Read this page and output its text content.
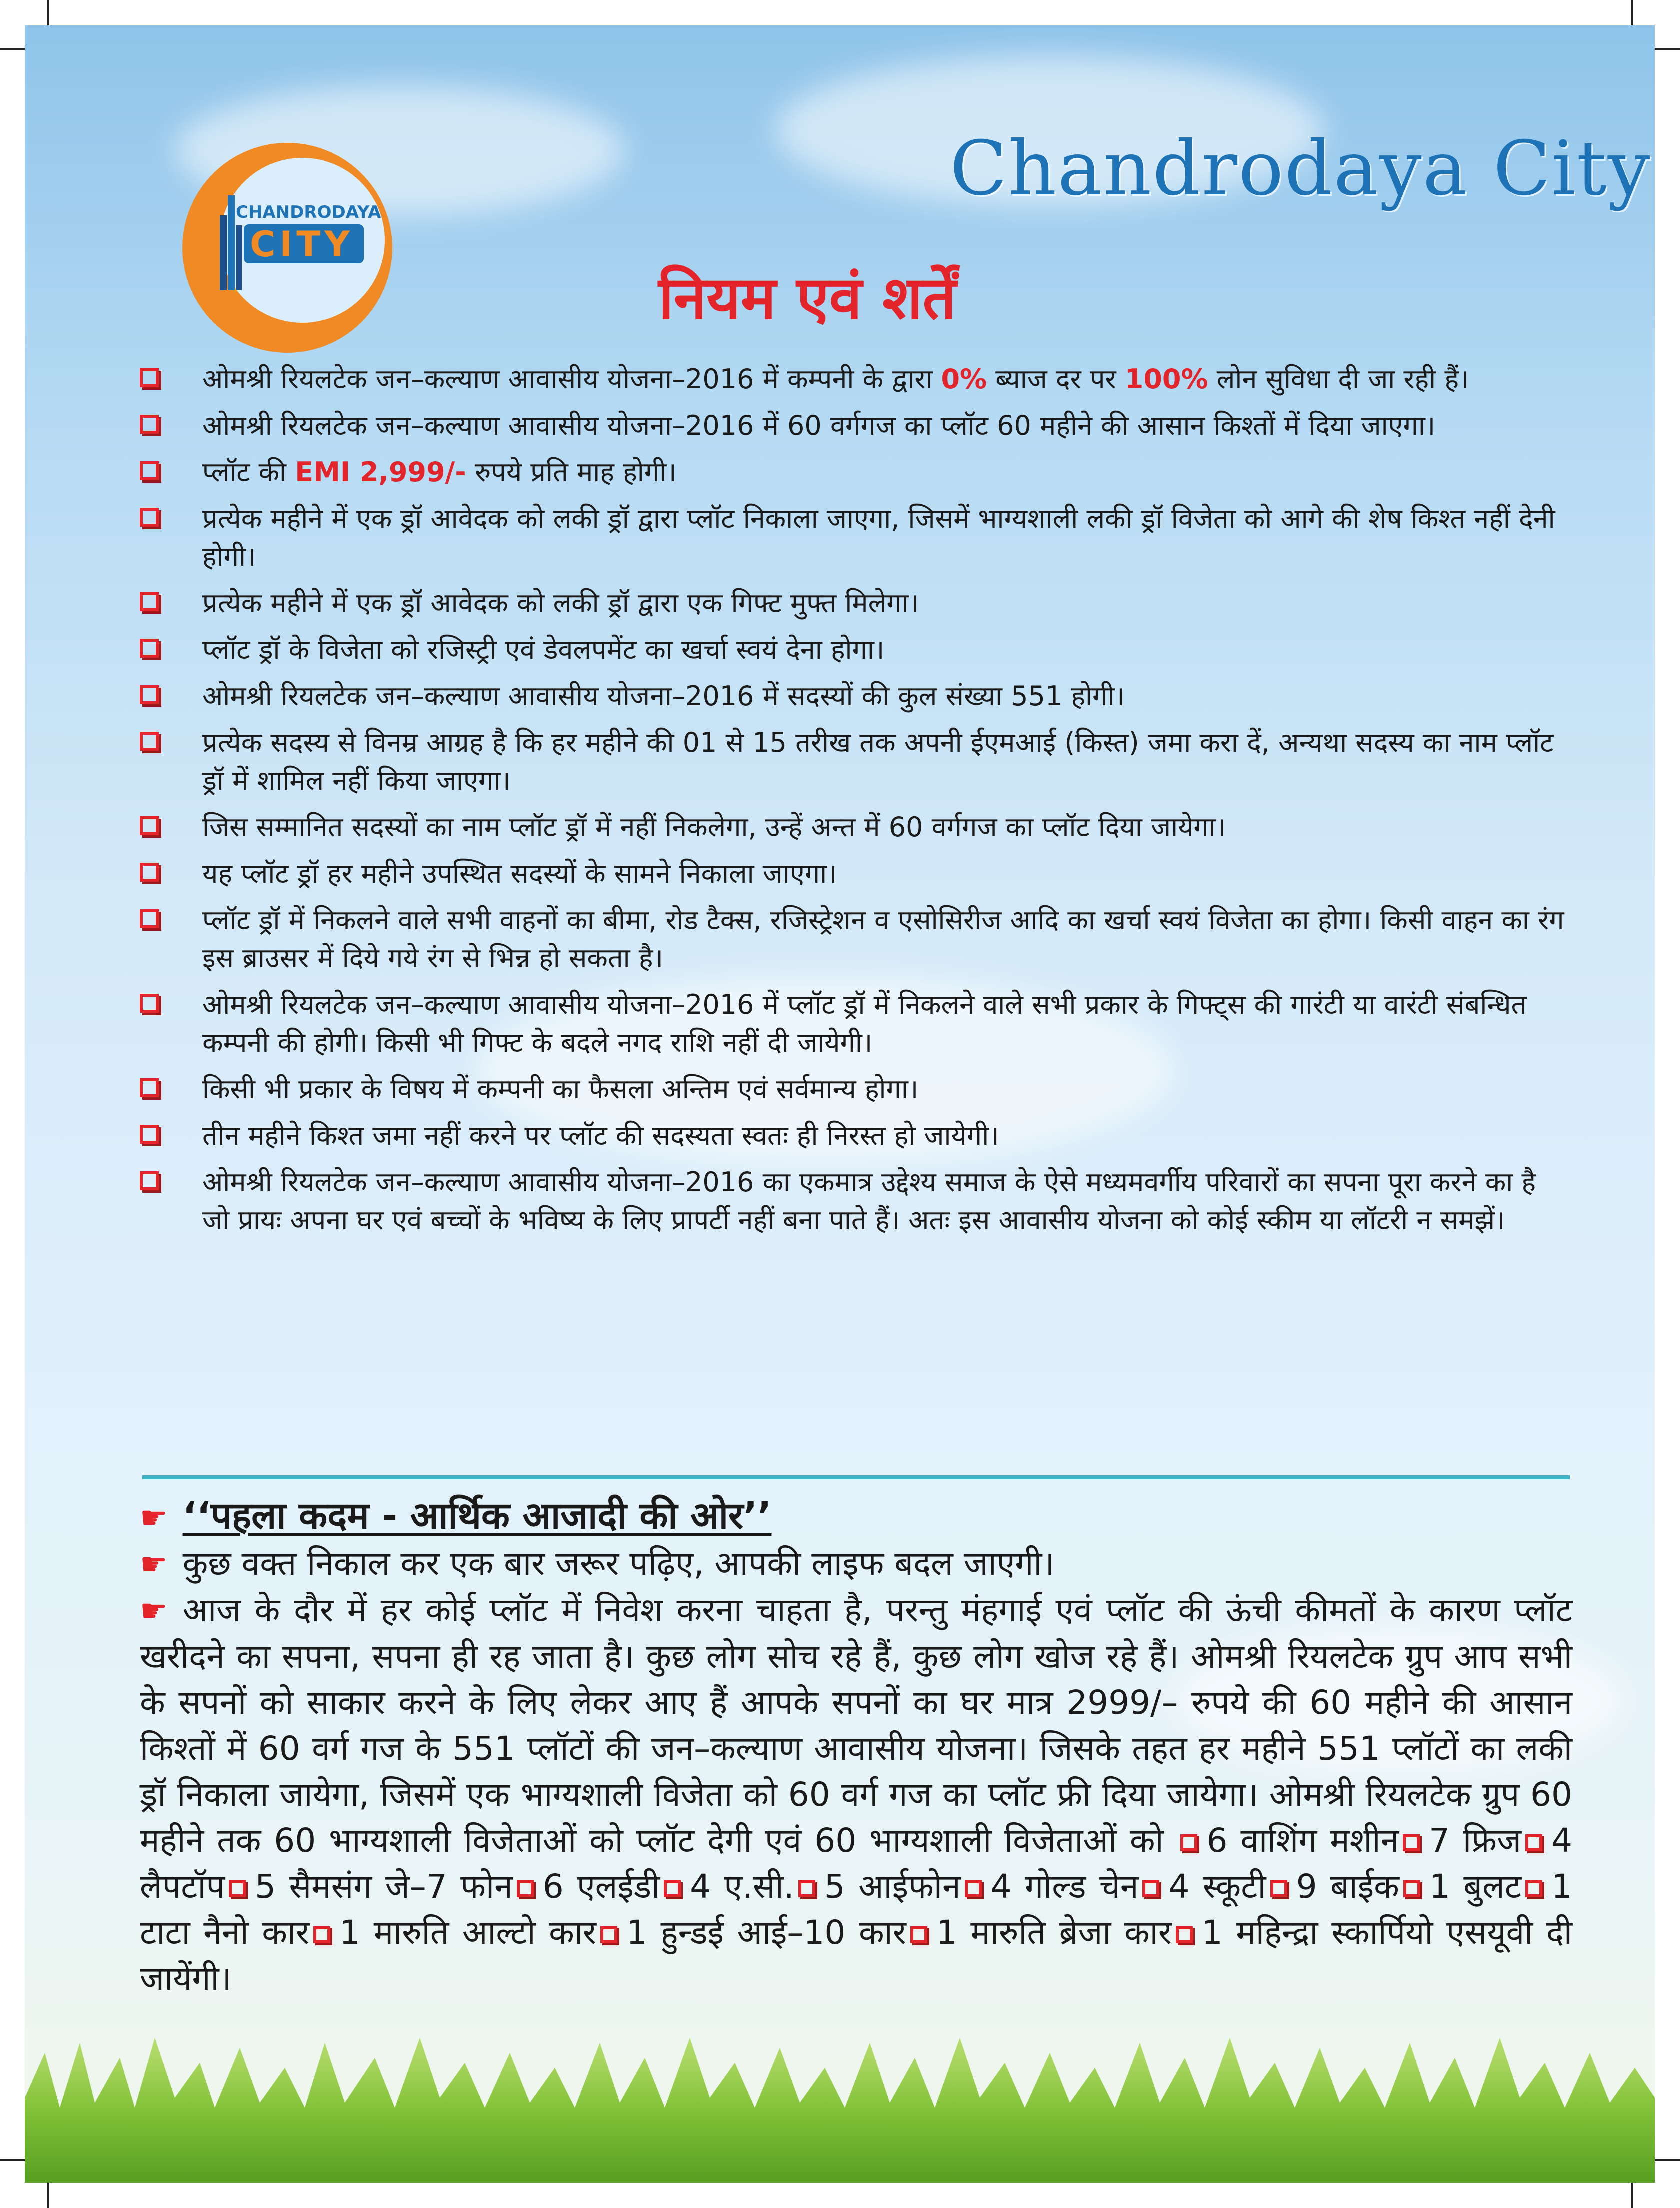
CHANDRODAYA
CITY
Chandrodaya City
नियम एवं शर्तें
ओमश्री रियलटेक जन–कल्याण आवासीय योजना–2016 में कम्पनी के द्वारा 0% ब्याज दर पर 100% लोन सुविधा दी जा रही हैं।
ओमश्री रियलटेक जन–कल्याण आवासीय योजना–2016 में 60 वर्गगज का प्लॉट 60 महीने की आसान किश्तों में दिया जाएगा।
प्लॉट की EMI 2,999/- रुपये प्रति माह होगी।
प्रत्येक महीने में एक ड्रॉ आवेदक को लकी ड्रॉ द्वारा प्लॉट निकाला जाएगा, जिसमें भाग्यशाली लकी ड्रॉ विजेता को आगे की शेष किश्त नहीं देनी होगी।
प्रत्येक महीने में एक ड्रॉ आवेदक को लकी ड्रॉ द्वारा एक गिफ्ट मुफ्त मिलेगा।
प्लॉट ड्रॉ के विजेता को रजिस्ट्री एवं डेवलपमेंट का खर्चा स्वयं देना होगा।
ओमश्री रियलटेक जन–कल्याण आवासीय योजना–2016 में सदस्यों की कुल संख्या 551 होगी।
प्रत्येक सदस्य से विनम्र आग्रह है कि हर महीने की 01 से 15 तरीख तक अपनी ईएमआई (किस्त) जमा करा दें, अन्यथा सदस्य का नाम प्लॉट ड्रॉ में शामिल नहीं किया जाएगा।
जिस सम्मानित सदस्यों का नाम प्लॉट ड्रॉ में नहीं निकलेगा, उन्हें अन्त में 60 वर्गगज का प्लॉट दिया जायेगा।
यह प्लॉट ड्रॉ हर महीने उपस्थित सदस्यों के सामने निकाला जाएगा।
प्लॉट ड्रॉ में निकलने वाले सभी वाहनों का बीमा, रोड टैक्स, रजिस्ट्रेशन व एसोसिरीज आदि का खर्चा स्वयं विजेता का होगा। किसी वाहन का रंग इस ब्राउसर में दिये गये रंग से भिन्न हो सकता है।
ओमश्री रियलटेक जन–कल्याण आवासीय योजना–2016 में प्लॉट ड्रॉ में निकलने वाले सभी प्रकार के गिफ्ट्स की गारंटी या वारंटी संबन्धित कम्पनी की होगी। किसी भी गिफ्ट के बदले नगद राशि नहीं दी जायेगी।
किसी भी प्रकार के विषय में कम्पनी का फैसला अन्तिम एवं सर्वमान्य होगा।
तीन महीने किश्त जमा नहीं करने पर प्लॉट की सदस्यता स्वतः ही निरस्त हो जायेगी।
ओमश्री रियलटेक जन–कल्याण आवासीय योजना–2016 का एकमात्र उद्देश्य समाज के ऐसे मध्यमवर्गीय परिवारों का सपना पूरा करने का है जो प्रायः अपना घर एवं बच्चों के भविष्य के लिए प्रापर्टी नहीं बना पाते हैं। अतः इस आवासीय योजना को कोई स्कीम या लॉटरी न समझें।
☛ ‘‘पहला कदम - आर्थिक आजादी की ओर’’
☛ कुछ वक्त निकाल कर एक बार जरूर पढ़िए, आपकी लाइफ बदल जाएगी।
☛ आज के दौर में हर कोई प्लॉट में निवेश करना चाहता है, परन्तु मंहगाई एवं प्लॉट की ऊंची कीमतों के कारण प्लॉट खरीदने का सपना, सपना ही रह जाता है। कुछ लोग सोच रहे हैं, कुछ लोग खोज रहे हैं। ओमश्री रियलटेक ग्रुप आप सभी के सपनों को साकार करने के लिए लेकर आए हैं आपके सपनों का घर मात्र 2999/– रुपये की 60 महीने की आसान किश्तों में 60 वर्ग गज के 551 प्लॉटों की जन–कल्याण आवासीय योजना। जिसके तहत हर महीने 551 प्लॉटों का लकी ड्रॉ निकाला जायेगा, जिसमें एक भाग्यशाली विजेता को 60 वर्ग गज का प्लॉट फ्री दिया जायेगा। ओमश्री रियलटेक ग्रुप 60 महीने तक 60 भाग्यशाली विजेताओं को प्लॉट देगी एवं 60 भाग्यशाली विजेताओं को 6 वाशिंग मशीन 7 फ्रिज 4 लैपटॉप 5 सैमसंग जे–7 फोन 6 एलईडी 4 ए.सी. 5 आईफोन 4 गोल्ड चेन 4 स्कूटी 9 बाईक 1 बुलट 1 टाटा नैनो कार 1 मारुति आल्टो कार 1 हुन्डई आई–10 कार 1 मारुति ब्रेजा कार 1 महिन्द्रा स्कार्पियो एसयूवी दी जायेंगी।
